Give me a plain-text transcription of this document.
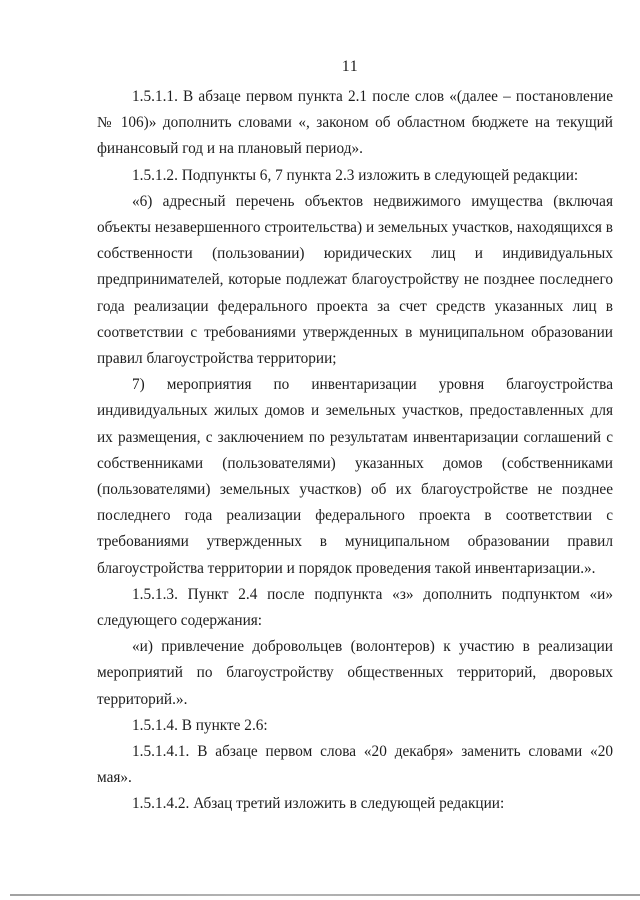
11

1.5.1.1. В абзаце первом пункта 2.1 после слов «(далее – постановление № 106)» дополнить словами «, законом об областном бюджете на текущий финансовый год и на плановый период».

1.5.1.2. Подпункты 6, 7 пункта 2.3 изложить в следующей редакции:

«6) адресный перечень объектов недвижимого имущества (включая объекты незавершенного строительства) и земельных участков, находящихся в собственности (пользовании) юридических лиц и индивидуальных предпринимателей, которые подлежат благоустройству не позднее последнего года реализации федерального проекта за счет средств указанных лиц в соответствии с требованиями утвержденных в муниципальном образовании правил благоустройства территории;

7) мероприятия по инвентаризации уровня благоустройства индивидуальных жилых домов и земельных участков, предоставленных для их размещения, с заключением по результатам инвентаризации соглашений с собственниками (пользователями) указанных домов (собственниками (пользователями) земельных участков) об их благоустройстве не позднее последнего года реализации федерального проекта в соответствии с требованиями утвержденных в муниципальном образовании правил благоустройства территории и порядок проведения такой инвентаризации.».

1.5.1.3. Пункт 2.4 после подпункта «з» дополнить подпунктом «и» следующего содержания:

«и) привлечение добровольцев (волонтеров) к участию в реализации мероприятий по благоустройству общественных территорий, дворовых территорий.».

1.5.1.4. В пункте 2.6:

1.5.1.4.1. В абзаце первом слова «20 декабря» заменить словами «20 мая».

1.5.1.4.2. Абзац третий изложить в следующей редакции:
